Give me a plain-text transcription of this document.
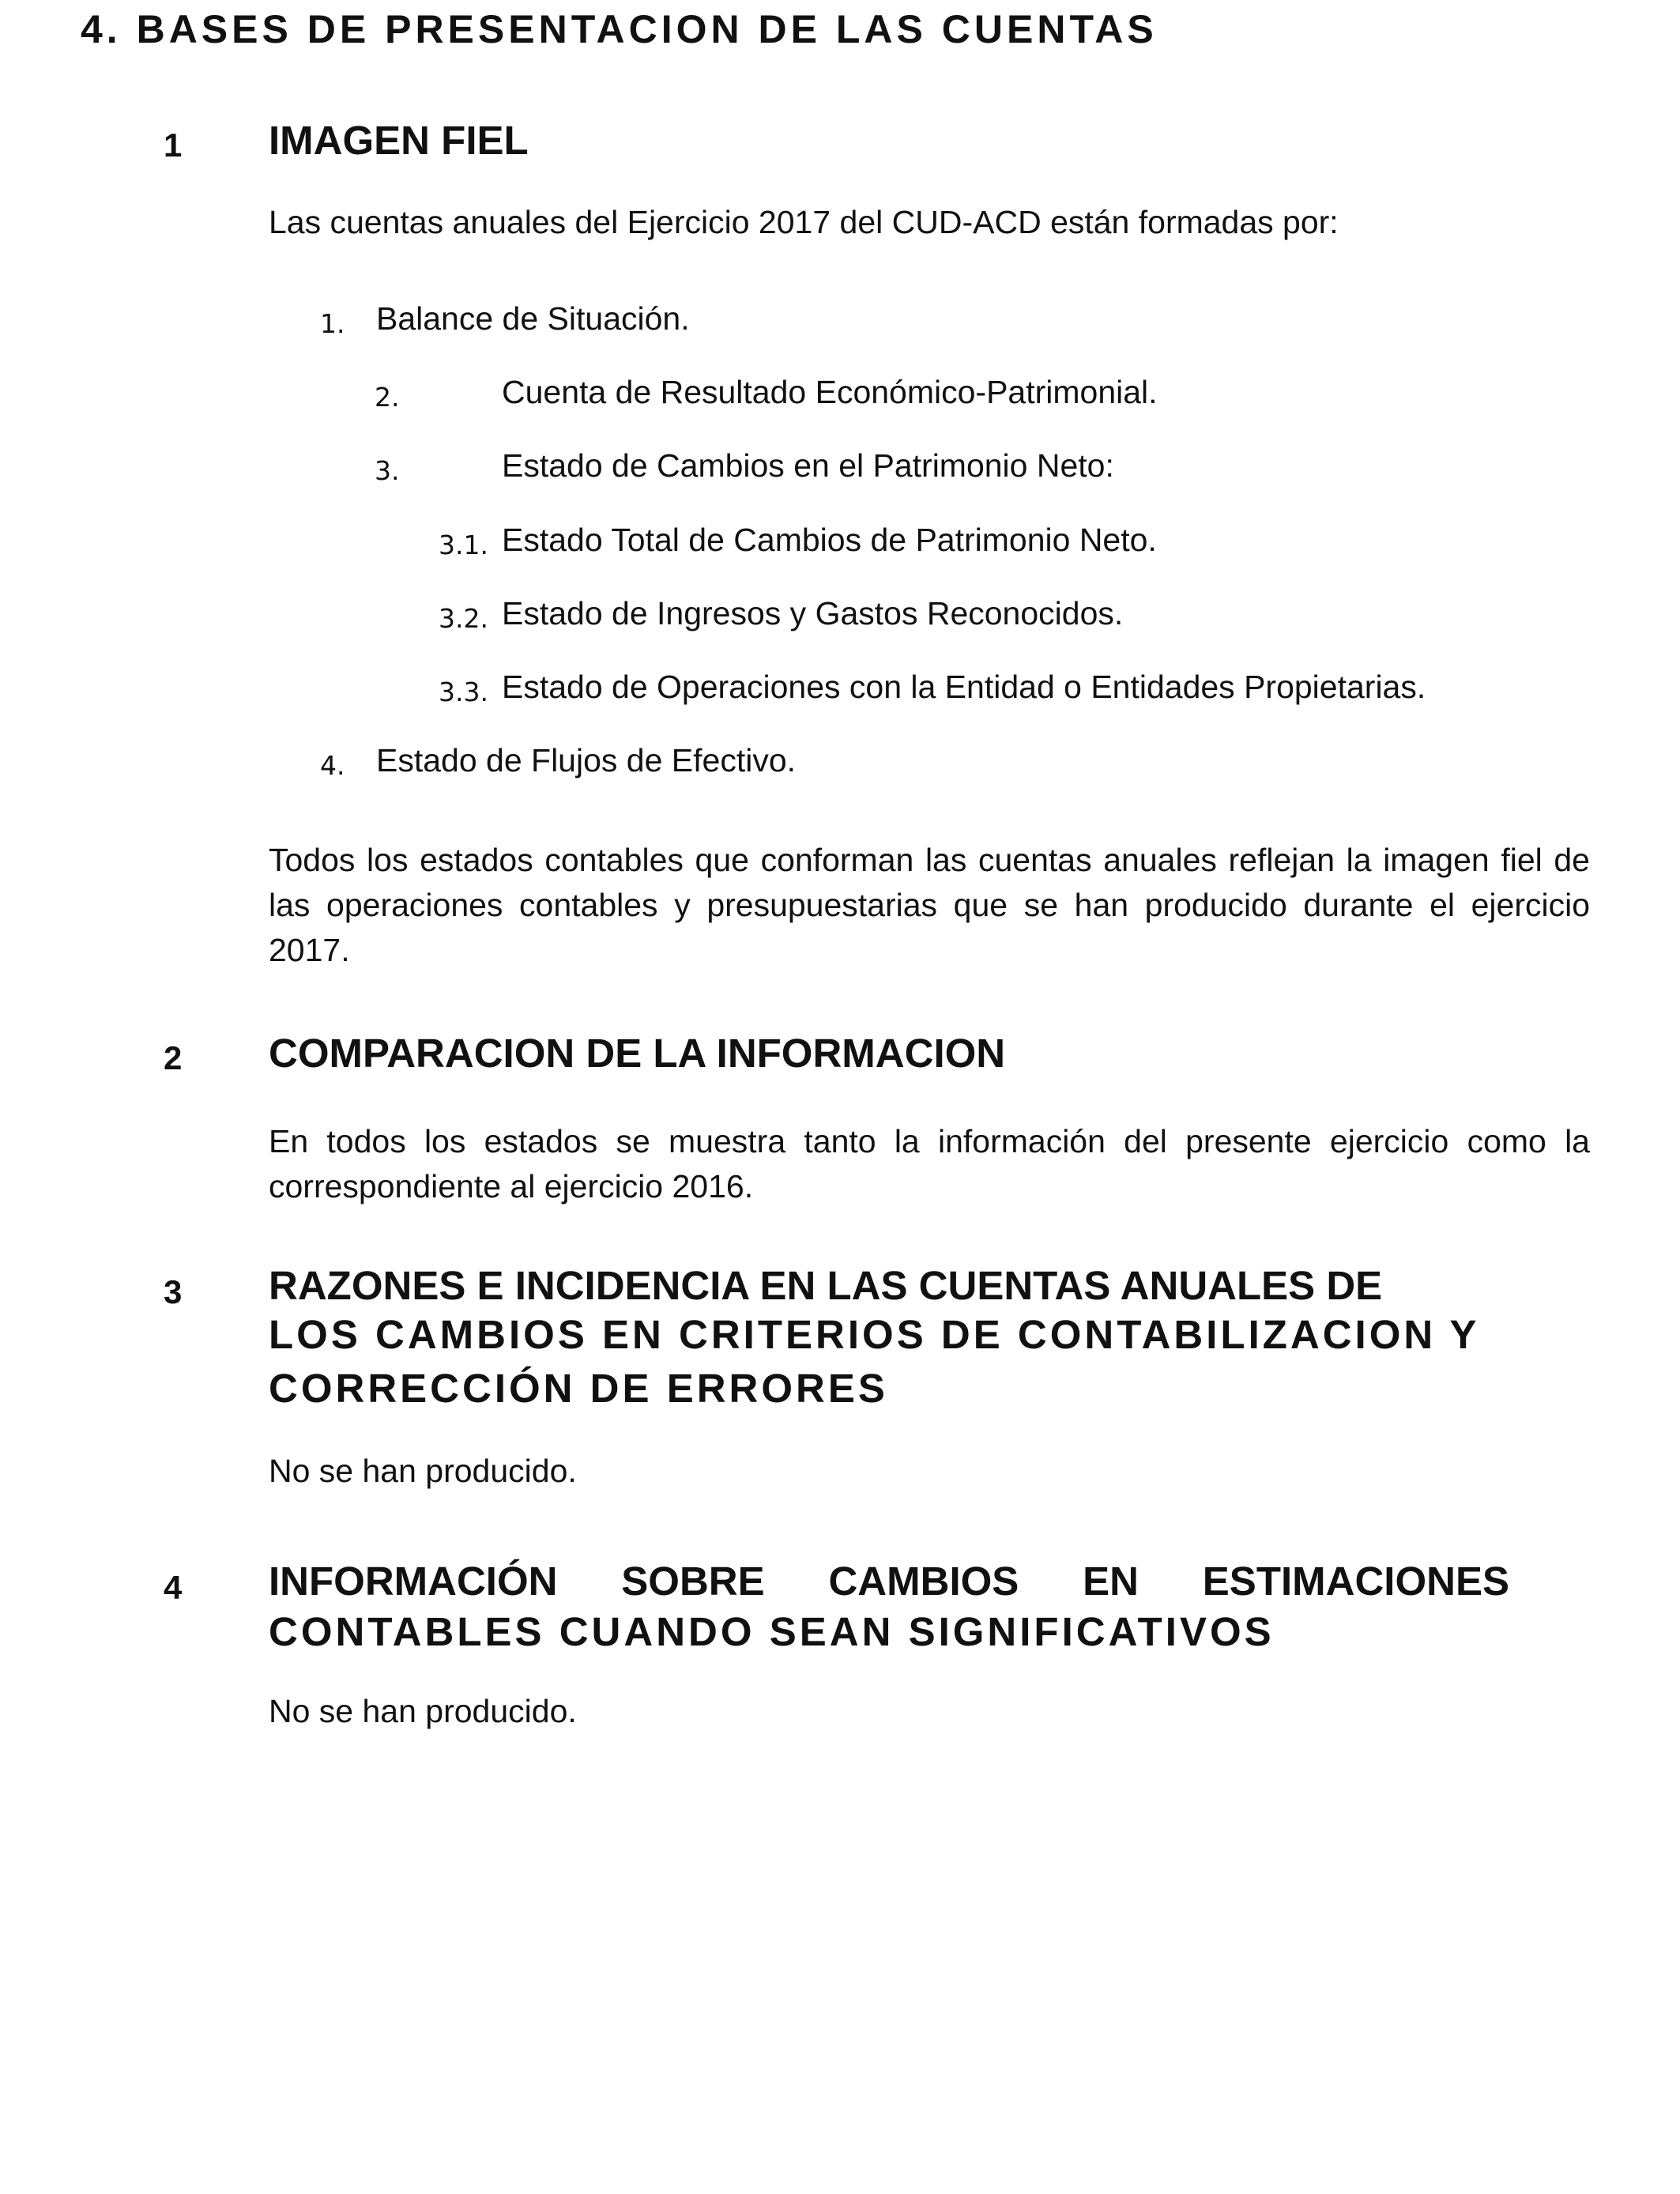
4. BASES DE PRESENTACION DE LAS CUENTAS

1 IMAGEN FIEL

Las cuentas anuales del Ejercicio 2017 del CUD-ACD están formadas por:

1. Balance de Situación.
2.	Cuenta de Resultado Económico-Patrimonial.
3.	Estado de Cambios en el Patrimonio Neto:
3.1. Estado Total de Cambios de Patrimonio Neto.
3.2. Estado de Ingresos y Gastos Reconocidos.
3.3. Estado de Operaciones con la Entidad o Entidades Propietarias.
4. Estado de Flujos de Efectivo.

Todos los estados contables que conforman las cuentas anuales reflejan la imagen fiel de las operaciones contables y presupuestarias que se han producido durante el ejercicio 2017.

2 COMPARACION DE LA INFORMACION

En todos los estados se muestra tanto la información del presente ejercicio como la correspondiente al ejercicio 2016.

3 RAZONES E INCIDENCIA EN LAS CUENTAS ANUALES DE
LOS CAMBIOS EN CRITERIOS DE CONTABILIZACION Y
CORRECCIÓN DE ERRORES

No se han producido.

4 INFORMACIÓN SOBRE CAMBIOS EN ESTIMACIONES
CONTABLES CUANDO SEAN SIGNIFICATIVOS

No se han producido.
